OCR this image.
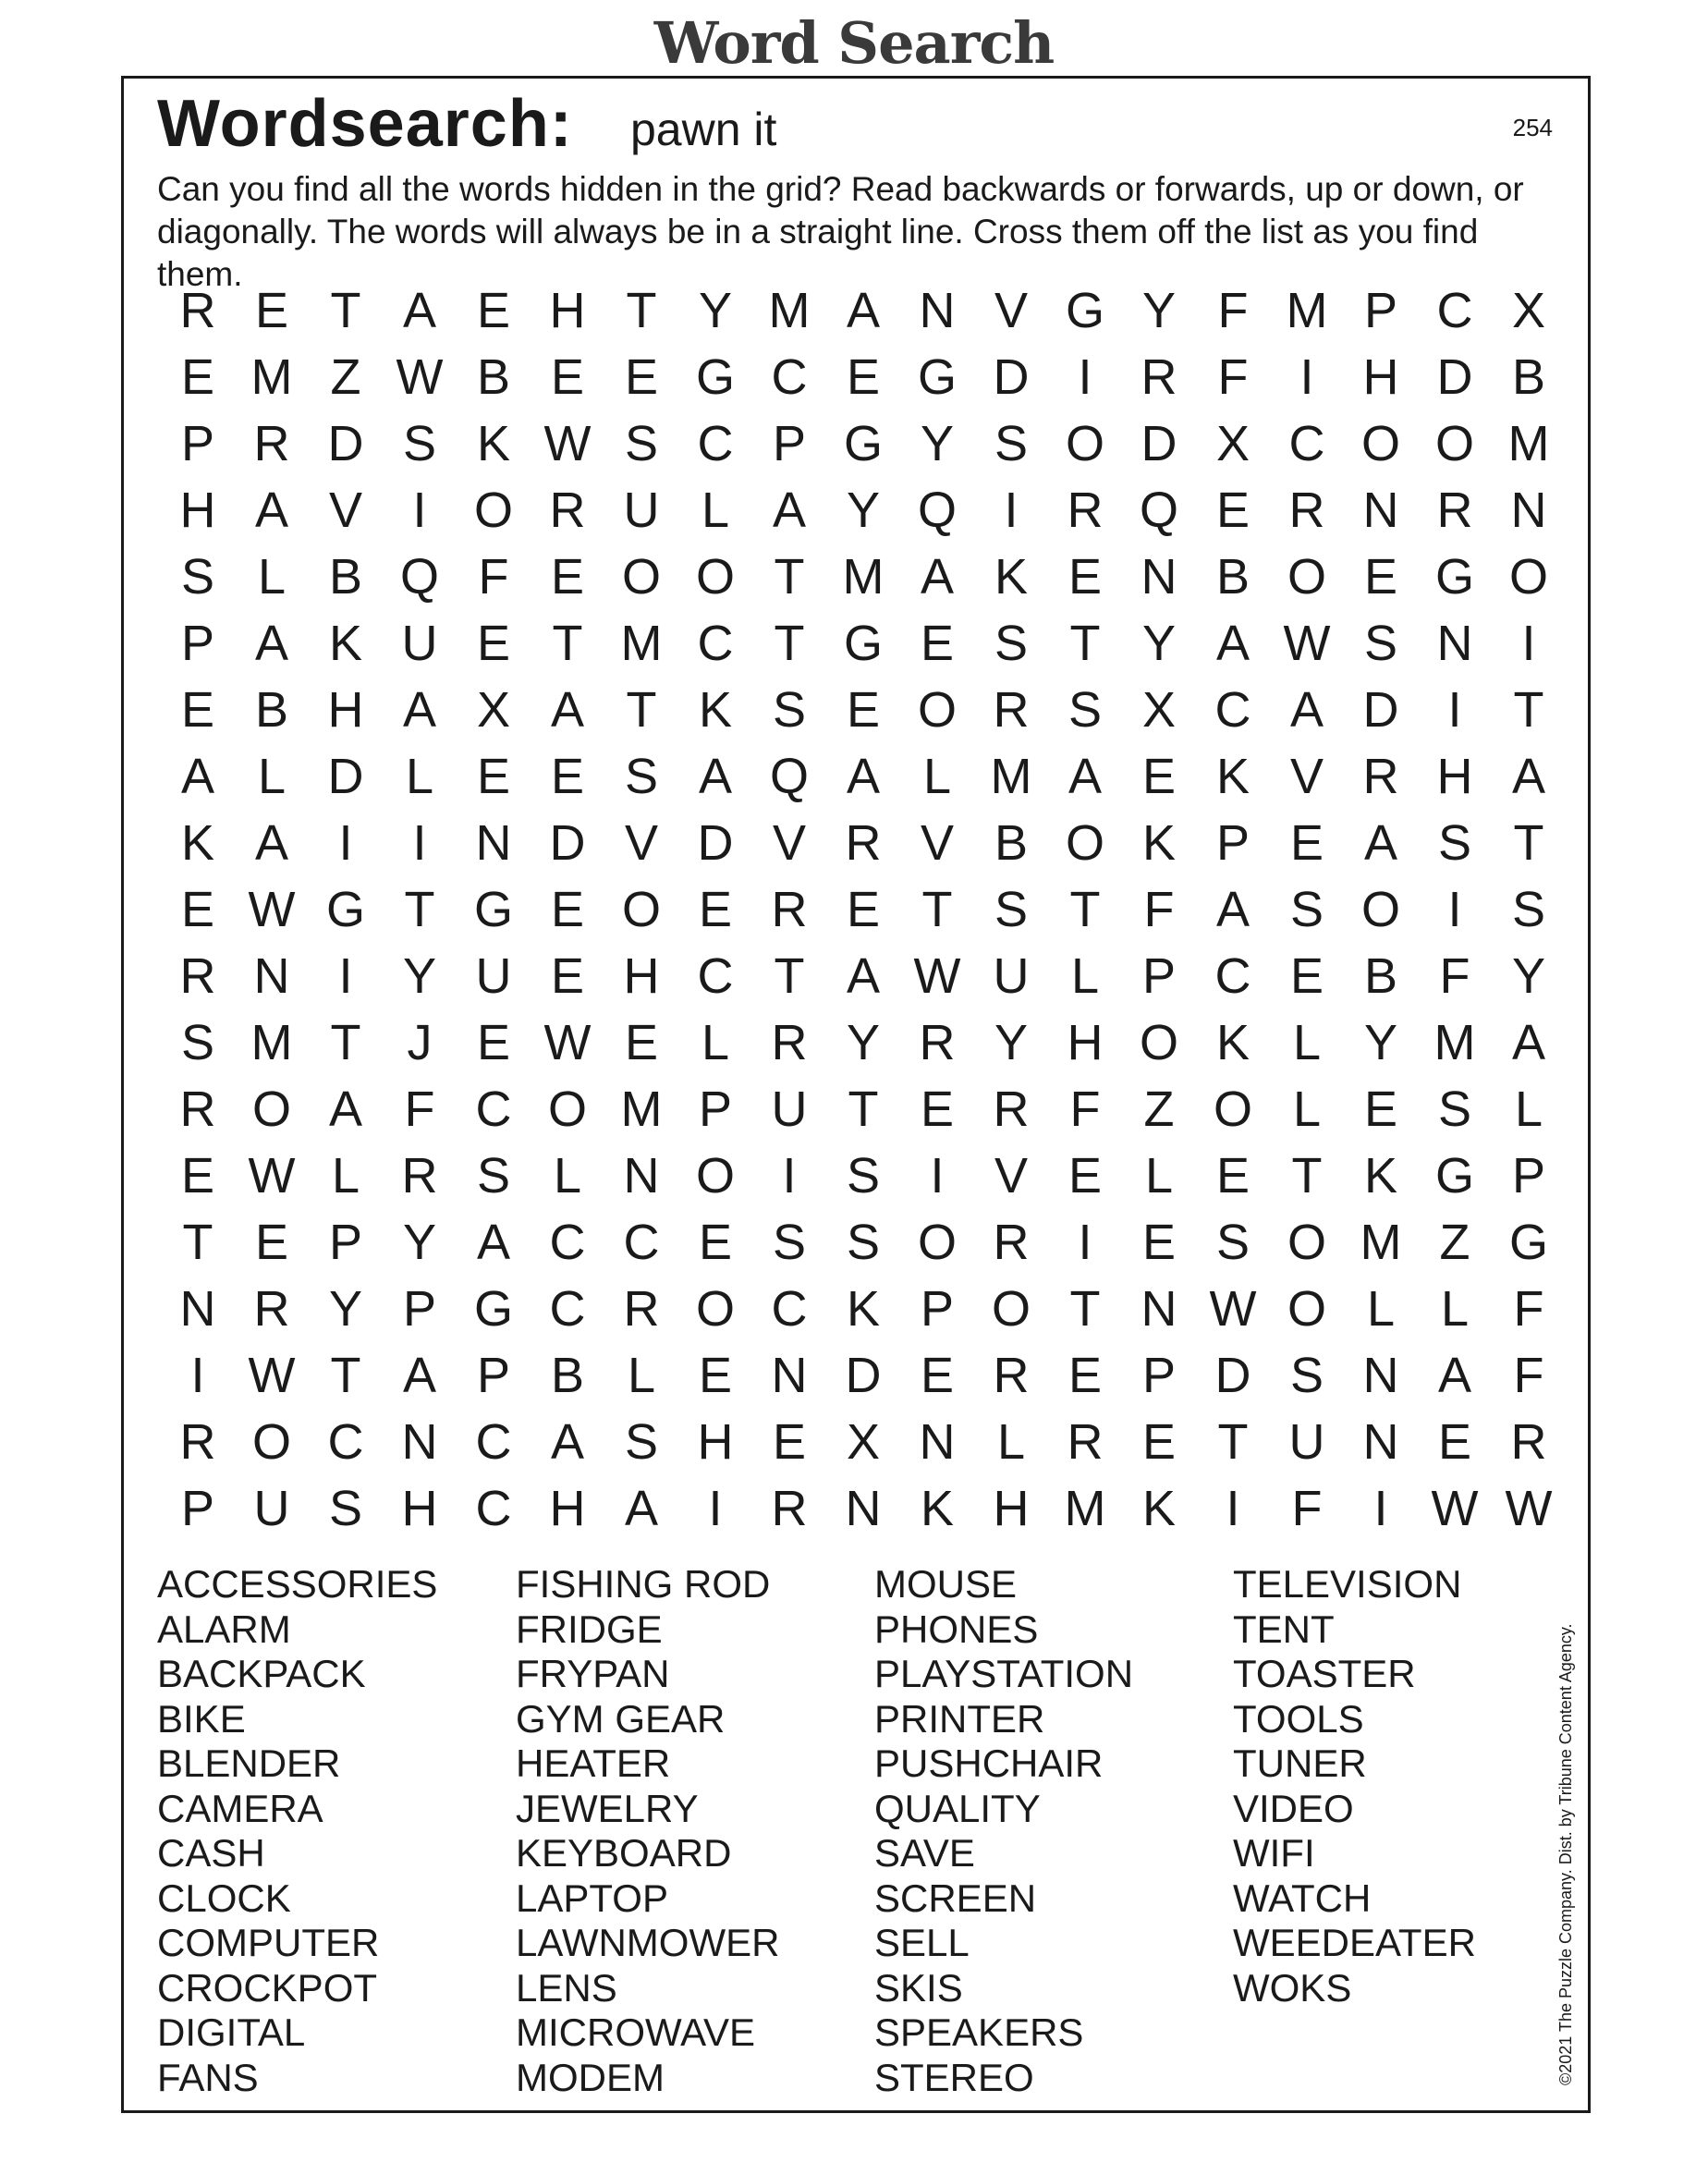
Word Search
Wordsearch: pawn it	254
Can you find all the words hidden in the grid? Read backwards or forwards, up or down, or
diagonally. The words will always be in a straight line. Cross them off the list as you find them.
R E T A E H T Y M A N V G Y F M P C X
E M Z W B E E G C E G D I R F	I H D B
P R D S K W S C P G Y S O D X C O O M
H A V	I O R U L A Y Q I R Q E R N R N
S L B Q F E O O T M A K E N B O E G O
P A K U E T M C T G E S T Y A W S N I
E B H A X A T K S E O R S X C A D I	T
A L D L E E S A Q A L M A E K V R H A
K A	I	I N D V D V R V B O K P E A S T
E W G T G E O E R E T S T F A S O I	S
R N I	Y U E H C T A W U L P C E B F Y
S M T J E W E L R Y R Y H O K L Y M A
R O A F C O M P U T E R F Z O L E S L
E W L R S L N O I	S	I	V E L E T K G P
T E P Y A C C E S S O R I	E S O M Z G
N R Y P G C R O C K P O T N W O L L F
I W T A P B L E N D E R E P D S N A F
R O C N C A S H E X N L R E T U N E R
P U S H C H A	I R N K H M K	I	F	I W W
ACCESSORIES
ALARM
BACKPACK
BIKE
BLENDER
CAMERA
CASH
CLOCK
COMPUTER
CROCKPOT
DIGITAL
FANS
FISHING ROD
FRIDGE
FRYPAN
GYM GEAR
HEATER
JEWELRY
KEYBOARD
LAPTOP
LAWNMOWER
LENS
MICROWAVE
MODEM
MOUSE
PHONES
PLAYSTATION
PRINTER
PUSHCHAIR
QUALITY
SAVE
SCREEN
SELL
SKIS
SPEAKERS
STEREO
TELEVISION
TENT
TOASTER
TOOLS
TUNER
VIDEO
WIFI
WATCH
WEEDEATER
WOKS	©2021 The Puzzle Company. Dist. by Tribune Content Agency.
